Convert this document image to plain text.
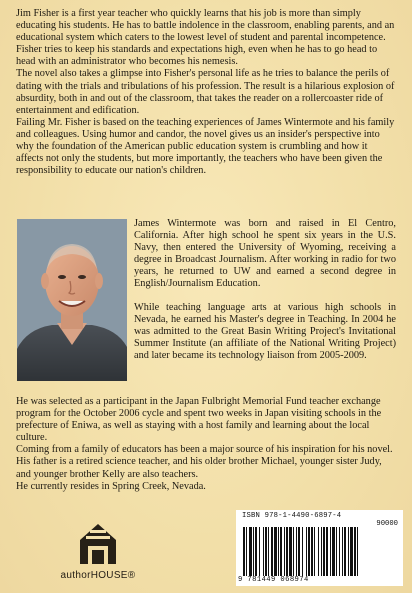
Jim Fisher is a first year teacher who quickly learns that his job is more than simply educating his students. He has to battle indolence in the classroom, enabling parents, and an educational system which caters to the lowest level of student and parental incompetence. Fisher tries to keep his standards and expectations high, even when he has to go head to head with an administrator who becomes his nemesis.

The novel also takes a glimpse into Fisher's personal life as he tries to balance the perils of dating with the trials and tribulations of his profession. The result is a hilarious explosion of absurdity, both in and out of the classroom, that takes the reader on a rollercoaster ride of entertainment and edification.

Failing Mr. Fisher is based on the teaching experiences of James Wintermote and his family and colleagues. Using humor and candor, the novel gives us an insider's perspective into why the foundation of the American public education system is crumbling and how it affects not only the students, but more importantly, the teachers who have been given the responsibility to educate our nation's children.

James Wintermote was born and raised in El Centro, California. After high school he spent six years in the U.S. Navy, then entered the University of Wyoming, receiving a degree in Broadcast Journalism. After working in radio for two years, he returned to UW and earned a second degree in English/Journalism Education.

While teaching language arts at various high schools in Nevada, he earned his Master's degree in Teaching. In 2004 he was admitted to the Great Basin Writing Project's Invitational Summer Institute (an affiliate of the National Writing Project) and later became its technology liaison from 2005-2009.

He was selected as a participant in the Japan Fulbright Memorial Fund teacher exchange program for the October 2006 cycle and spent two weeks in Japan visiting schools in the prefecture of Eniwa, as well as staying with a host family and learning about the local culture.

Coming from a family of educators has been a major source of his inspiration for his novel. His father is a retired science teacher, and his older brother Michael, younger sister Judy, and younger brother Kelly are also teachers.

He currently resides in Spring Creek, Nevada.

authorHOUSE®
ISBN 978-1-4490-6897-4
90000
9 781449 068974
